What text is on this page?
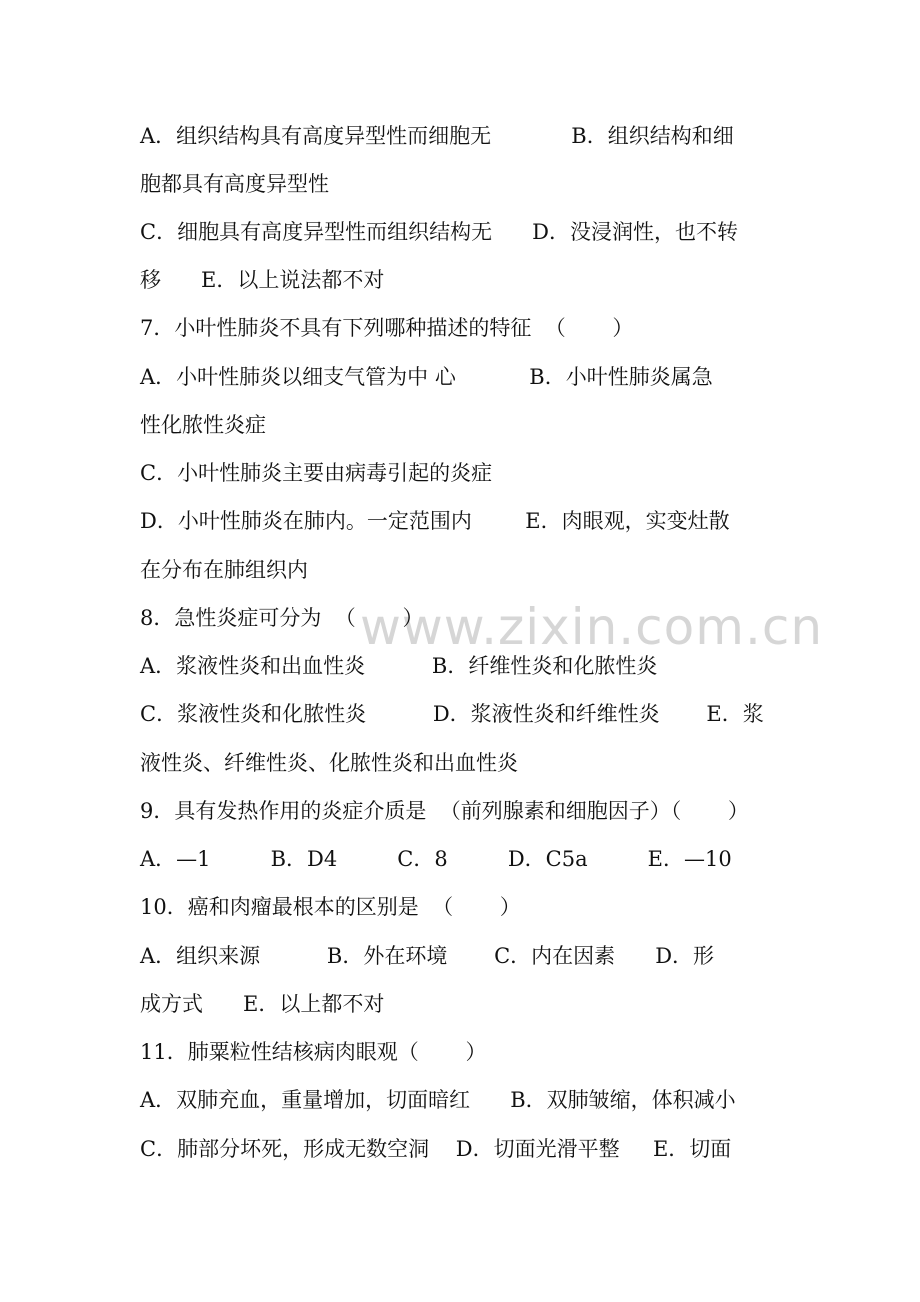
www.zixin.com.cn
A．组织结构具有高度异型性而细胞无            B．组织结构和细
胞都具有高度异型性
C．细胞具有高度异型性而组织结构无      D．没浸润性，也不转
移      E．以上说法都不对
7．小叶性肺炎不具有下列哪种描述的特征  （       ）
A．小叶性肺炎以细支气管为中 心           B．小叶性肺炎属急
性化脓性炎症
C．小叶性肺炎主要由病毒引起的炎症
D．小叶性肺炎在肺内。一定范围内        E．肉眼观，实变灶散
在分布在肺组织内
8．急性炎症可分为  （       ）
A．浆液性炎和出血性炎          B．纤维性炎和化脓性炎
C．浆液性炎和化脓性炎          D．浆液性炎和纤维性炎       E．浆
液性炎、纤维性炎、化脓性炎和出血性炎
9．具有发热作用的炎症介质是  （前列腺素和细胞因子）（       ）
A．—1         B．D4         C．8         D．C5a         E．—10
10．癌和肉瘤最根本的区别是  （       ）
A．组织来源          B．外在环境       C．内在因素      D．形
成方式      E．以上都不对
11．肺粟粒性结核病肉眼观（       ）
A．双肺充血，重量增加，切面暗红      B．双肺皱缩，体积减小
C．肺部分坏死，形成无数空洞    D．切面光滑平整     E．切面
